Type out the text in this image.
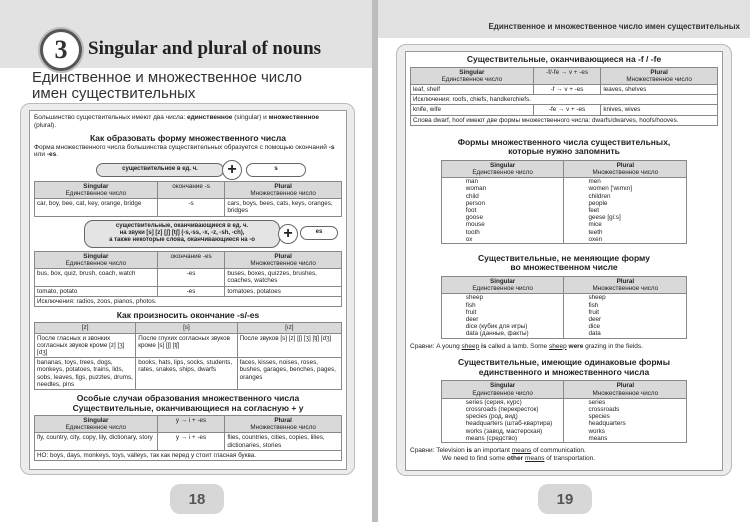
3 Singular and plural of nouns
Единственное и множественное число
имен существительных
Большинство существительных имеют два числа: единственное (singular) и множественное (plural).
Как образовать форму множественного числа
Форма множественного числа большинства существительных образуется с помощью окончаний -s или -es.
существительное в ед. ч.	+	s
Singular
Единственное число	окончание -s	Plural
Множественное число
car, boy, bee, cat, key, orange, bridge	-s	cars, boys, bees, cats, keys, oranges, bridges
существительные, оканчивающиеся в ед. ч.
на звуки [s] [z] [ʃ] [tʃ] (-s,-ss, -x, -z, -sh, -ch),
а также некоторые слова, оканчивающиеся на -o	+	es
Singular
Единственное число	окончание -es	Plural
Множественное число
bus, box, quiz, brush, coach, watch	-es	buses, boxes, quizzes, brushes, coaches, watches
tomato, potato	-es	tomatoes, potatoes
Исключения: radios, zoos, pianos, photos.		
Как произносить окончание -s/-es
[z]	[s]	[ız]
После гласных и звонких согласных звуков кроме [z] [ʒ] [dʒ]	После глухих согласных звуков кроме [s] [ʃ] [tʃ]	После звуков [s] [z] [ʃ] [ʒ] [tʃ] [dʒ]
bananas, toys, trees, dogs, monkeys, potatoes, trains, lids, sobs, leaves, figs, puzzles, drums, needles, pins	books, hats, lips, socks, students, rates, snakes, ships, dwarfs	faces, kisses, noises, roses, bushes, garages, benches, pages, oranges
Особые случаи образования множественного числа
Существительные, оканчивающиеся на согласную + y
Singular
Единственное число	y → i + -es	Plural
Множественное число
fly, country, city, copy, lily, dictionary, story	y → i + -es	flies, countries, cities, copies, lilies, dictionaries, stories
НО: boys, days, monkeys, toys, valleys, так как перед y стоит гласная буква.		
18
Единственное и множественное число имен существительных
Существительные, оканчивающиеся на -f / -fe
Singular
Единственное число	-f/-fe → v + -es	Plural
Множественное число
leaf, shelf	-f → v + -es	leaves, shelves
Исключения: roofs, chiefs, handkerchiefs.		
knife, wife	-fe → v + -es	knives, wives
Слова dwarf, hoof имеют две формы множественного числа: dwarfs/dwarves, hoofs/hooves.		
Формы множественного числа существительных,
которые нужно запомнить
Singular
Единственное число	Plural
Множественное число
man	men
woman	women ['wımın]
child	children
person	people
foot	feet
goose	geese [gi:s]
mouse	mice
tooth	teeth
ox	oxen
Существительные, не меняющие форму
во множественном числе
Singular
Единственное число	Plural
Множественное число
sheep	sheep
fish	fish
fruit	fruit
deer	deer
dice (кубик для игры)	dice
data (данные, факты)	data
Сравни: A young sheep is called a lamb. Some sheep were grazing in the fields.
Существительные, имеющие одинаковые формы
единственного и множественного числа
Singular
Единственное число	Plural
Множественное число
series (серия, курс)	series
crossroads (перекресток)	crossroads
species (род, вид)	species
headquarters (штаб-квартира)	headquarters
works (завод, мастерская)	works
means (средство)	means
Сравни: Television is an important means of communication.
We need to find some other means of transportation.
19
